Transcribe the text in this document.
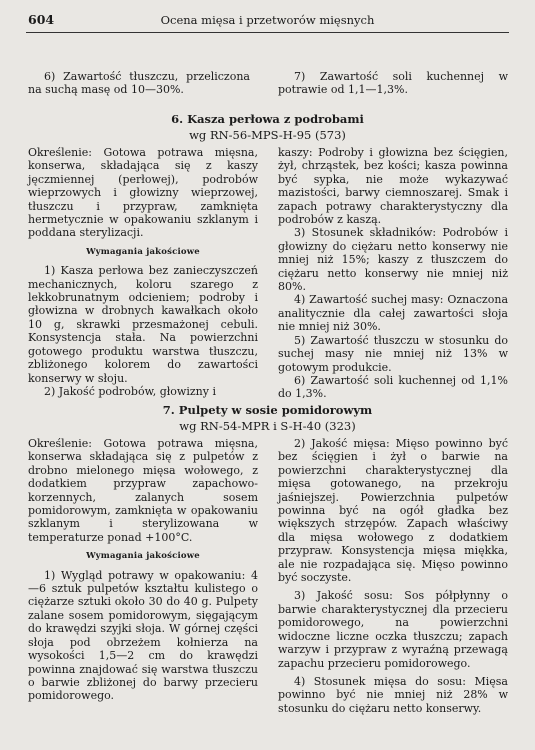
604	Ocena mięsa i przetworów mięsnych

6) Zawartość tłuszczu, przeliczona na suchą masę od 10—30%.

7) Zawartość soli kuchennej w potrawie od 1,1—1,3%.

6. Kasza perłowa z podrobami
wg RN-56-MPS-H-95 (573)

Określenie: Gotowa potrawa mięsna, konserwa, składająca się z kaszy jęczmiennej (perłowej), podrobów wieprzowych i głowizny wieprzowej, tłuszczu i przypraw, zamknięta hermetycznie w opakowaniu szklanym i poddana sterylizacji.

Wymagania jakościowe

1) Kasza perłowa bez zanieczyszczeń mechanicznych, koloru szarego z lekkobrunatnym odcieniem; podroby i głowizna w drobnych kawałkach około 10 g, skrawki przesmażonej cebuli. Konsystencja stała. Na powierzchni gotowego produktu warstwa tłuszczu, zbliżonego kolorem do zawartości konserwy w słoju.

2) Jakość podrobów, głowizny i

kaszy: Podroby i głowizna bez ścięgien, żył, chrząstek, bez kości; kasza powinna być sypka, nie może wykazywać mazistości, barwy ciemnoszarej. Smak i zapach potrawy charakterystyczny dla podrobów z kaszą.

3) Stosunek składników: Podrobów i głowizny do ciężaru netto konserwy nie mniej niż 15%; kaszy z tłuszczem do ciężaru netto konserwy nie mniej niż 80%.

4) Zawartość suchej masy: Oznaczona analitycznie dla całej zawartości słoja nie mniej niż 30%.

5) Zawartość tłuszczu w stosunku do suchej masy nie mniej niż 13% w gotowym produkcie.

6) Zawartość soli kuchennej od 1,1% do 1,3%.

7. Pulpety w sosie pomidorowym
wg RN-54-MPR i S-H-40 (323)

Określenie: Gotowa potrawa mięsna, konserwa składająca się z pulpetów z drobno mielonego mięsa wołowego, z dodatkiem przypraw zapachowo-korzennych, zalanych sosem pomidorowym, zamknięta w opakowaniu szklanym i sterylizowana w temperaturze ponad +100°C.

Wymagania jakościowe

1) Wygląd potrawy w opakowaniu: 4—6 sztuk pulpetów kształtu kulistego o ciężarze sztuki około 30 do 40 g. Pulpety zalane sosem pomidorowym, sięgającym do krawędzi szyjki słoja. W górnej części słoja pod obrzeżem kołnierza na wysokości 1,5—2 cm do krawędzi powinna znajdować się warstwa tłuszczu o barwie zbliżonej do barwy przecieru pomidorowego.

2) Jakość mięsa: Mięso powinno być bez ścięgien i żył o barwie na powierzchni charakterystycznej dla mięsa gotowanego, na przekroju jaśniejszej. Powierzchnia pulpetów powinna być na ogół gładka bez większych strzępów. Zapach właściwy dla mięsa wołowego z dodatkiem przypraw. Konsystencja mięsa miękka, ale nie rozpadająca się. Mięso powinno być soczyste.

3) Jakość sosu: Sos półpłynny o barwie charakterystycznej dla przecieru pomidorowego, na powierzchni widoczne liczne oczka tłuszczu; zapach warzyw i przypraw z wyraźną przewagą zapachu przecieru pomidorowego.

4) Stosunek mięsa do sosu: Mięsa powinno być nie mniej niż 28% w stosunku do ciężaru netto konserwy.
